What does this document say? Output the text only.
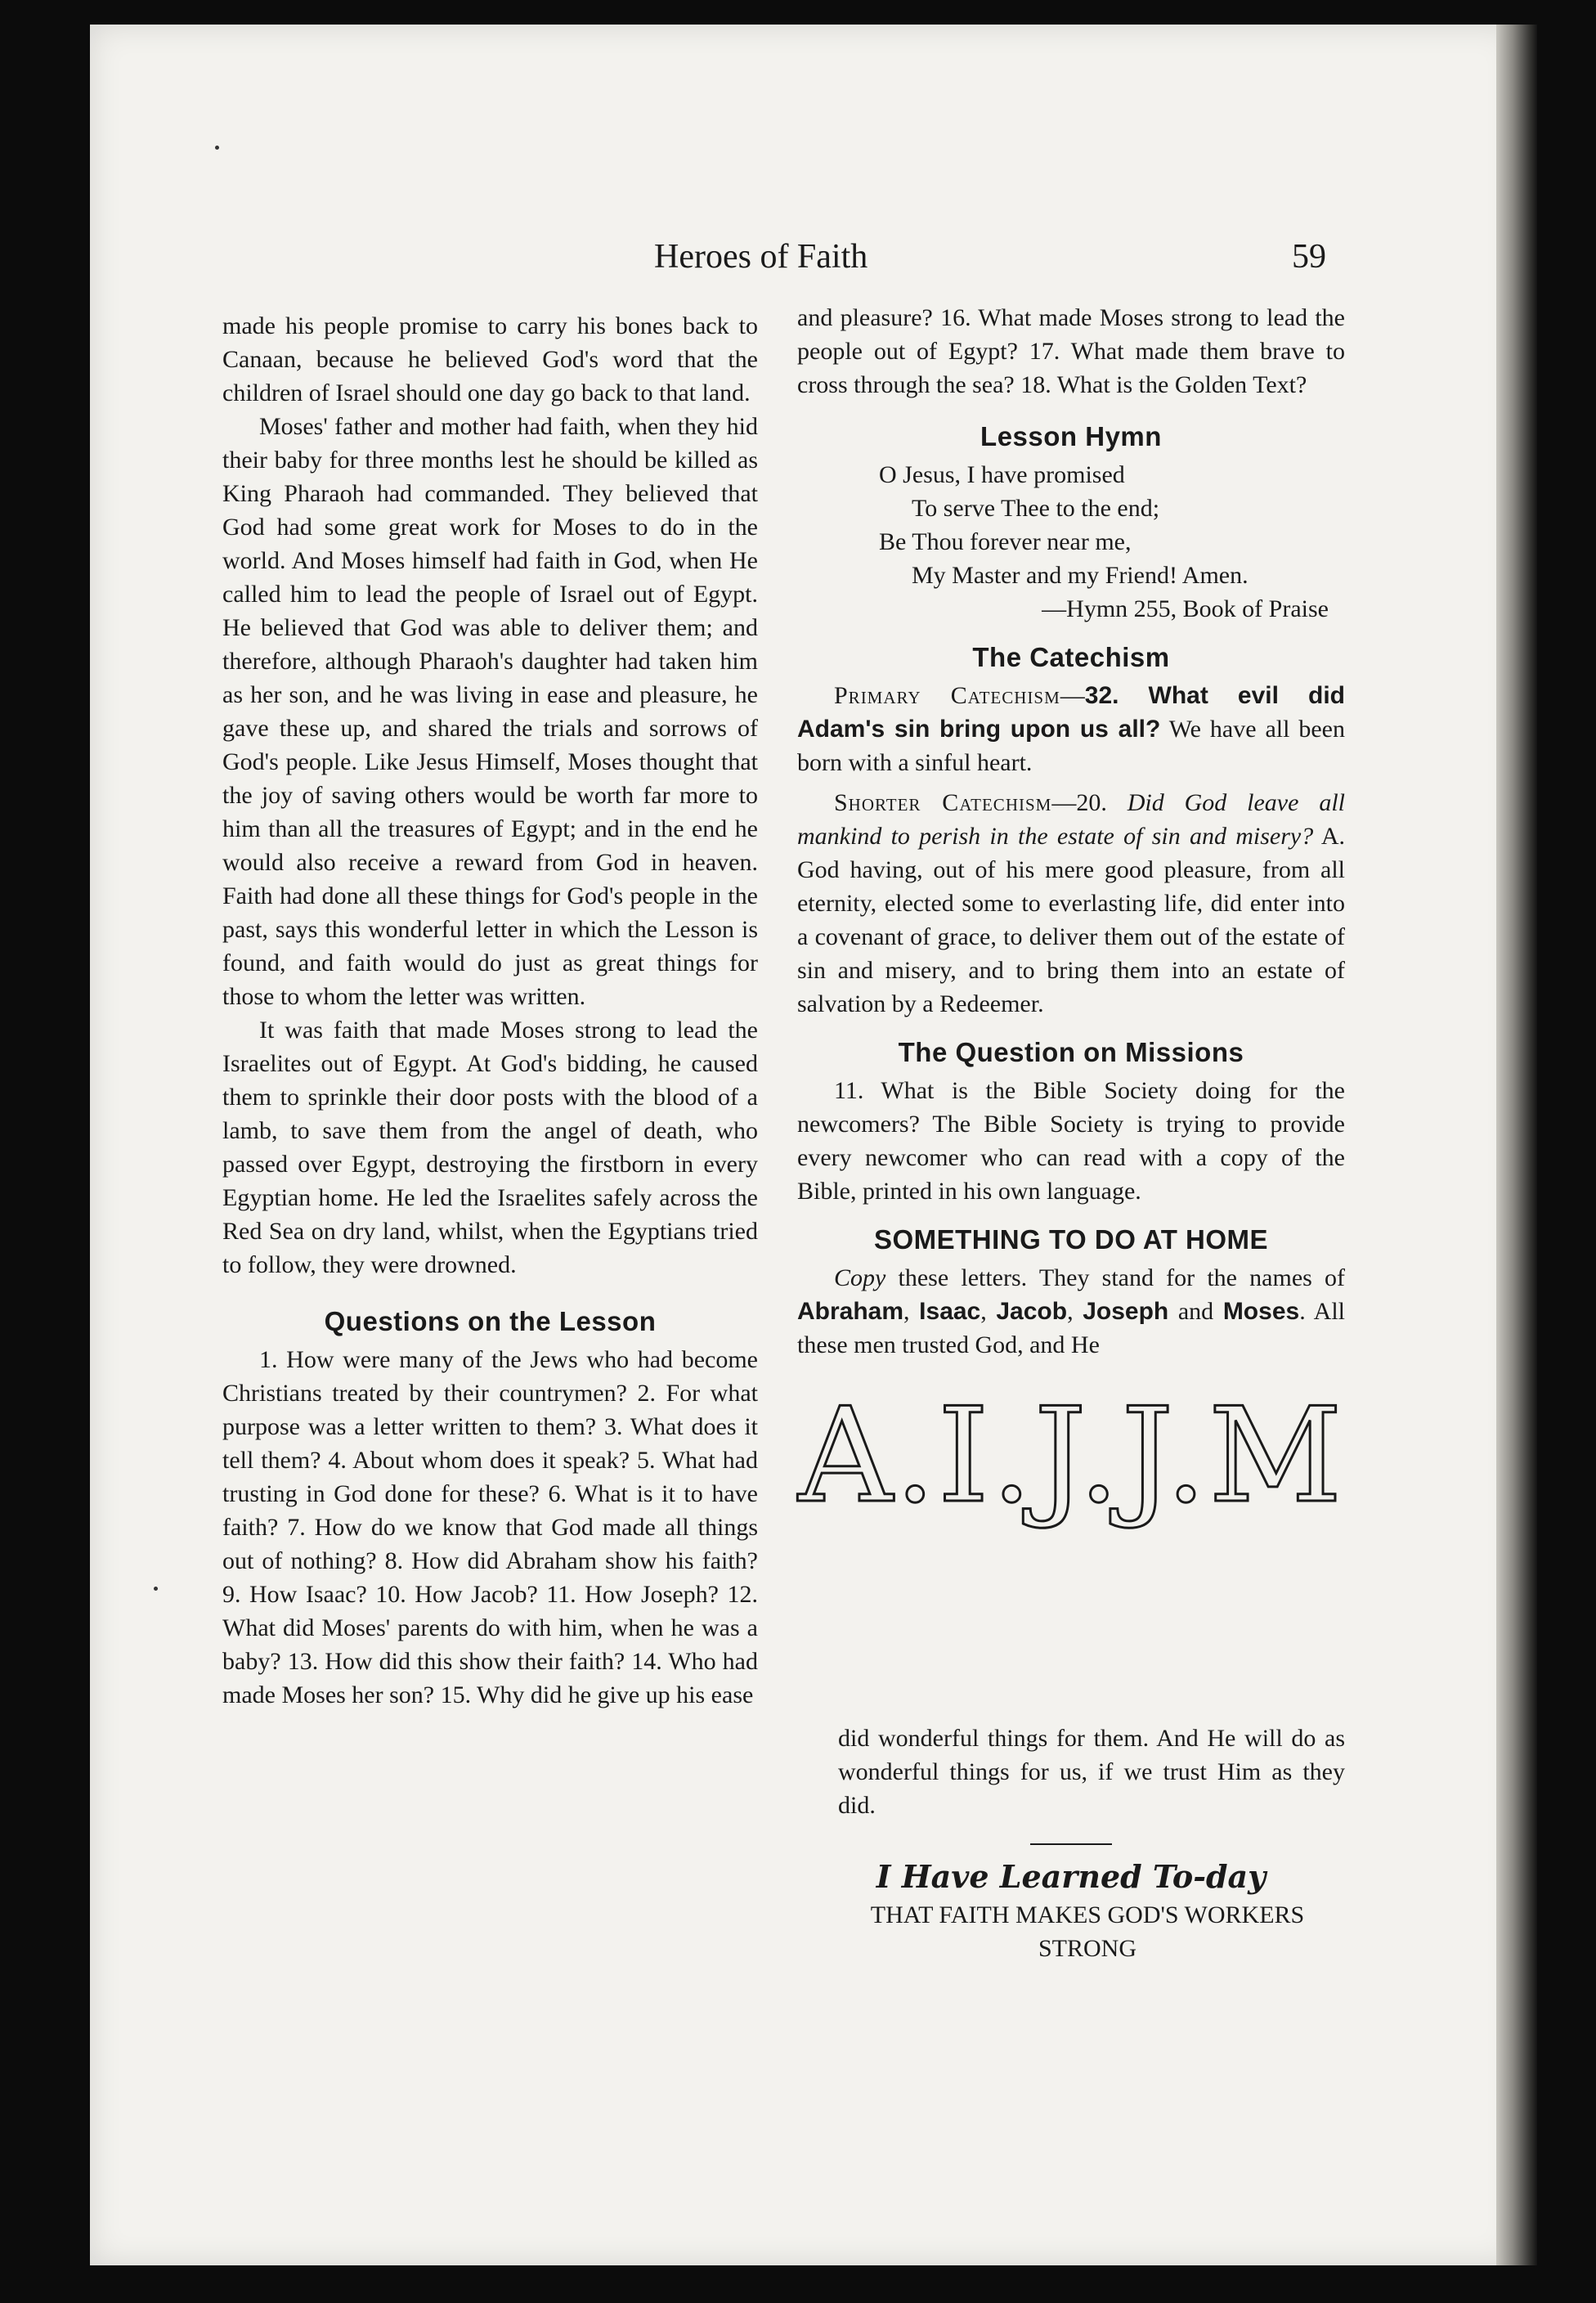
Heroes of Faith	59

made his people promise to carry his bones back to Canaan, because he believed God's word that the children of Israel should one day go back to that land.

Moses' father and mother had faith, when they hid their baby for three months lest he should be killed as King Pharaoh had commanded. They believed that God had some great work for Moses to do in the world. And Moses himself had faith in God, when He called him to lead the people of Israel out of Egypt. He believed that God was able to deliver them; and therefore, although Pharaoh's daughter had taken him as her son, and he was living in ease and pleasure, he gave these up, and shared the trials and sorrows of God's people. Like Jesus Himself, Moses thought that the joy of saving others would be worth far more to him than all the treasures of Egypt; and in the end he would also receive a reward from God in heaven. Faith had done all these things for God's people in the past, says this wonderful letter in which the Lesson is found, and faith would do just as great things for those to whom the letter was written.

It was faith that made Moses strong to lead the Israelites out of Egypt. At God's bidding, he caused them to sprinkle their door posts with the blood of a lamb, to save them from the angel of death, who passed over Egypt, destroying the firstborn in every Egyptian home. He led the Israelites safely across the Red Sea on dry land, whilst, when the Egyptians tried to follow, they were drowned.

Questions on the Lesson

1. How were many of the Jews who had become Christians treated by their countrymen? 2. For what purpose was a letter written to them? 3. What does it tell them? 4. About whom does it speak? 5. What had trusting in God done for these? 6. What is it to have faith? 7. How do we know that God made all things out of nothing? 8. How did Abraham show his faith? 9. How Isaac? 10. How Jacob? 11. How Joseph? 12. What did Moses' parents do with him, when he was a baby? 13. How did this show their faith? 14. Who had made Moses her son? 15. Why did he give up his ease

and pleasure? 16. What made Moses strong to lead the people out of Egypt? 17. What made them brave to cross through the sea? 18. What is the Golden Text?

Lesson Hymn
O Jesus, I have promised
To serve Thee to the end;
Be Thou forever near me,
My Master and my Friend! Amen.
—Hymn 255, Book of Praise
The Catechism

Primary Catechism—32. What evil did Adam's sin bring upon us all? We have all been born with a sinful heart.

Shorter Catechism—20. Did God leave all mankind to perish in the estate of sin and misery? A. God having, out of his mere good pleasure, from all eternity, elected some to everlasting life, did enter into a covenant of grace, to deliver them out of the estate of sin and misery, and to bring them into an estate of salvation by a Redeemer.

The Question on Missions

11. What is the Bible Society doing for the newcomers? The Bible Society is trying to provide every newcomer who can read with a copy of the Bible, printed in his own language.

SOMETHING TO DO AT HOME

Copy these letters. They stand for the names of Abraham, Isaac, Jacob, Joseph and Moses. All these men trusted God, and He

A.I.J.J.M

did wonderful things for them. And He will do as wonderful things for us, if we trust Him as they did.

I Have Learned To-day

THAT FAITH MAKES GOD'S WORKERS STRONG
